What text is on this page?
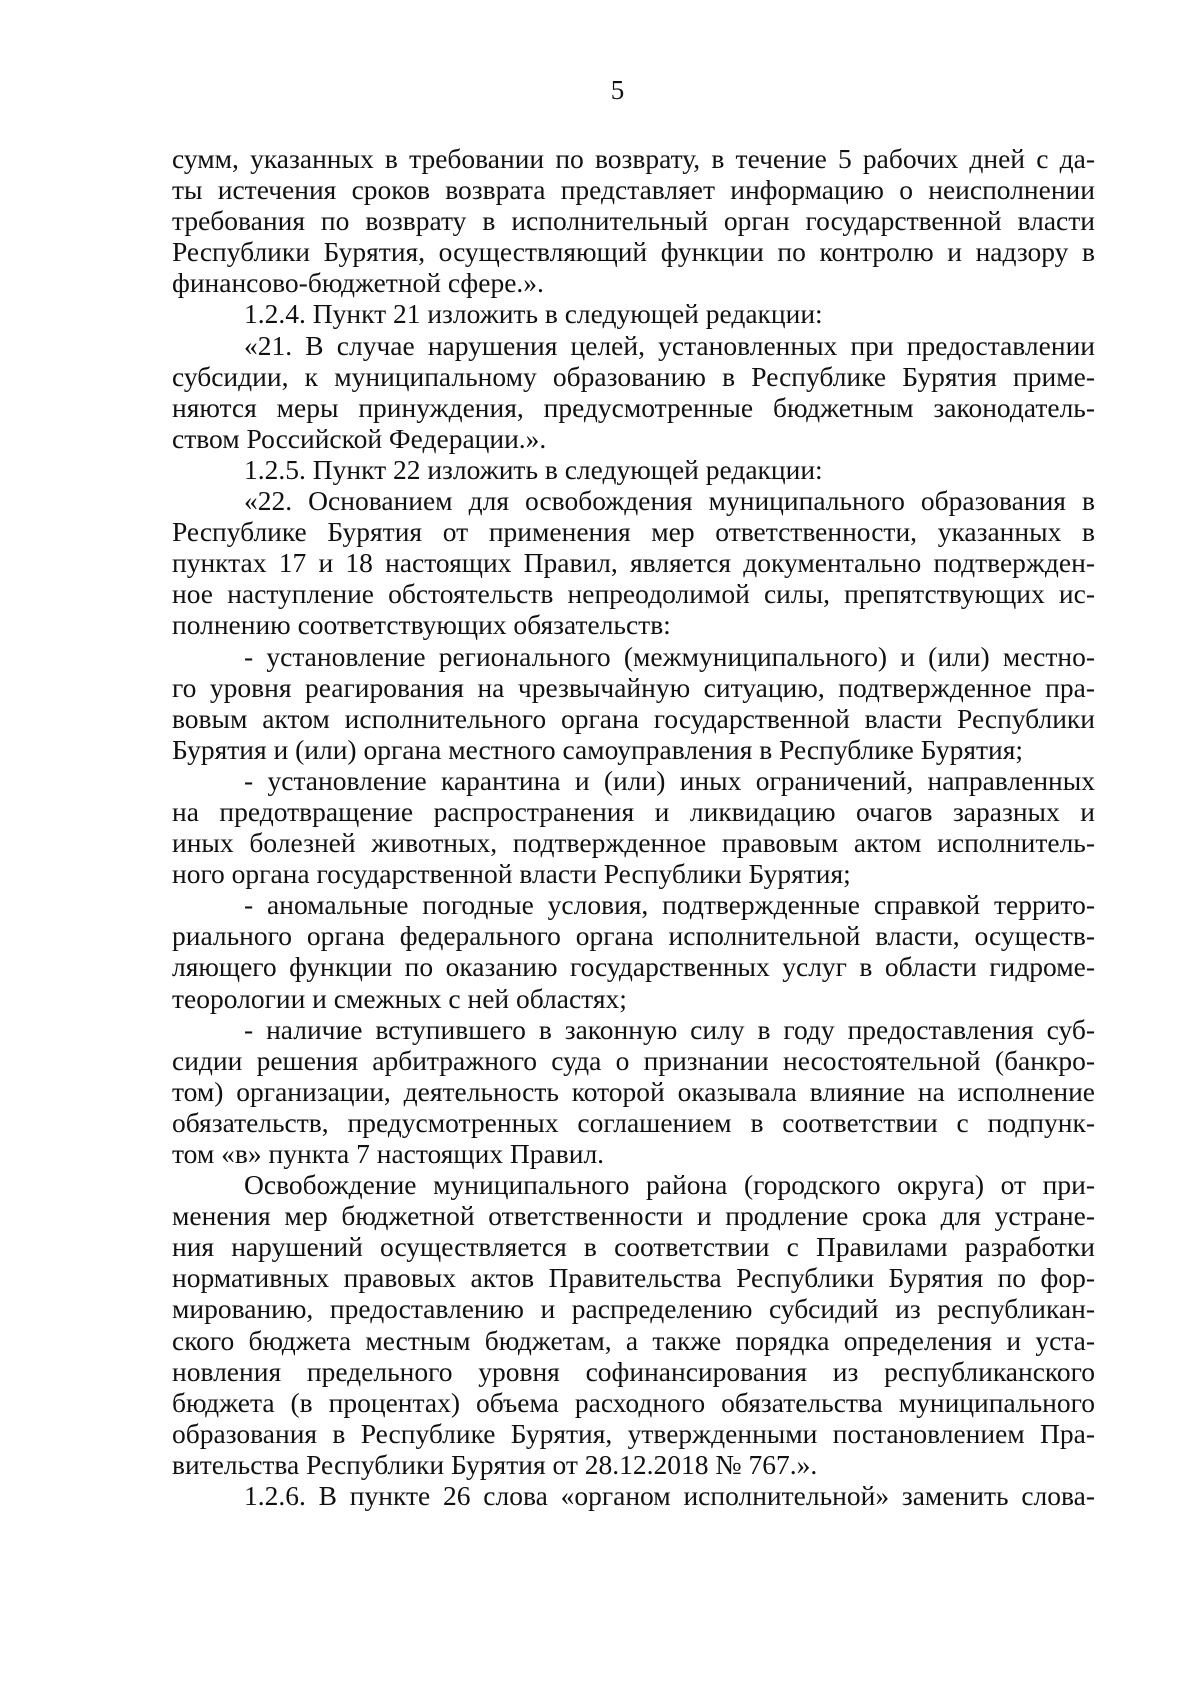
5
сумм, указанных в требовании по возврату, в течение 5 рабочих дней с да-
ты истечения сроков возврата представляет информацию о неисполнении
требования по возврату в исполнительный орган государственной власти
Республики Бурятия, осуществляющий функции по контролю и надзору в
финансово-бюджетной сфере.».
1.2.4. Пункт 21 изложить в следующей редакции:
«21. В случае нарушения целей, установленных при предоставлении
субсидии, к муниципальному образованию в Республике Бурятия приме-
няются меры принуждения, предусмотренные бюджетным законодатель-
ством Российской Федерации.».
1.2.5. Пункт 22 изложить в следующей редакции:
«22. Основанием для освобождения муниципального образования в
Республике Бурятия от применения мер ответственности, указанных в
пунктах 17 и 18 настоящих Правил, является документально подтвержден-
ное наступление обстоятельств непреодолимой силы, препятствующих ис-
полнению соответствующих обязательств:
- установление регионального (межмуниципального) и (или) местно-
го уровня реагирования на чрезвычайную ситуацию, подтвержденное пра-
вовым актом исполнительного органа государственной власти Республики
Бурятия и (или) органа местного самоуправления в Республике Бурятия;
- установление карантина и (или) иных ограничений, направленных
на предотвращение распространения и ликвидацию очагов заразных и
иных болезней животных, подтвержденное правовым актом исполнитель-
ного органа государственной власти Республики Бурятия;
- аномальные погодные условия, подтвержденные справкой террито-
риального органа федерального органа исполнительной власти, осуществ-
ляющего функции по оказанию государственных услуг в области гидроме-
теорологии и смежных с ней областях;
- наличие вступившего в законную силу в году предоставления суб-
сидии решения арбитражного суда о признании несостоятельной (банкро-
том) организации, деятельность которой оказывала влияние на исполнение
обязательств, предусмотренных соглашением в соответствии с подпунк-
том «в» пункта 7 настоящих Правил.
Освобождение муниципального района (городского округа) от при-
менения мер бюджетной ответственности и продление срока для устране-
ния нарушений осуществляется в соответствии с Правилами разработки
нормативных правовых актов Правительства Республики Бурятия по фор-
мированию, предоставлению и распределению субсидий из республикан-
ского бюджета местным бюджетам, а также порядка определения и уста-
новления предельного уровня софинансирования из республиканского
бюджета (в процентах) объема расходного обязательства муниципального
образования в Республике Бурятия, утвержденными постановлением Пра-
вительства Республики Бурятия от 28.12.2018 № 767.».
1.2.6. В пункте 26 слова «органом исполнительной» заменить слова-
